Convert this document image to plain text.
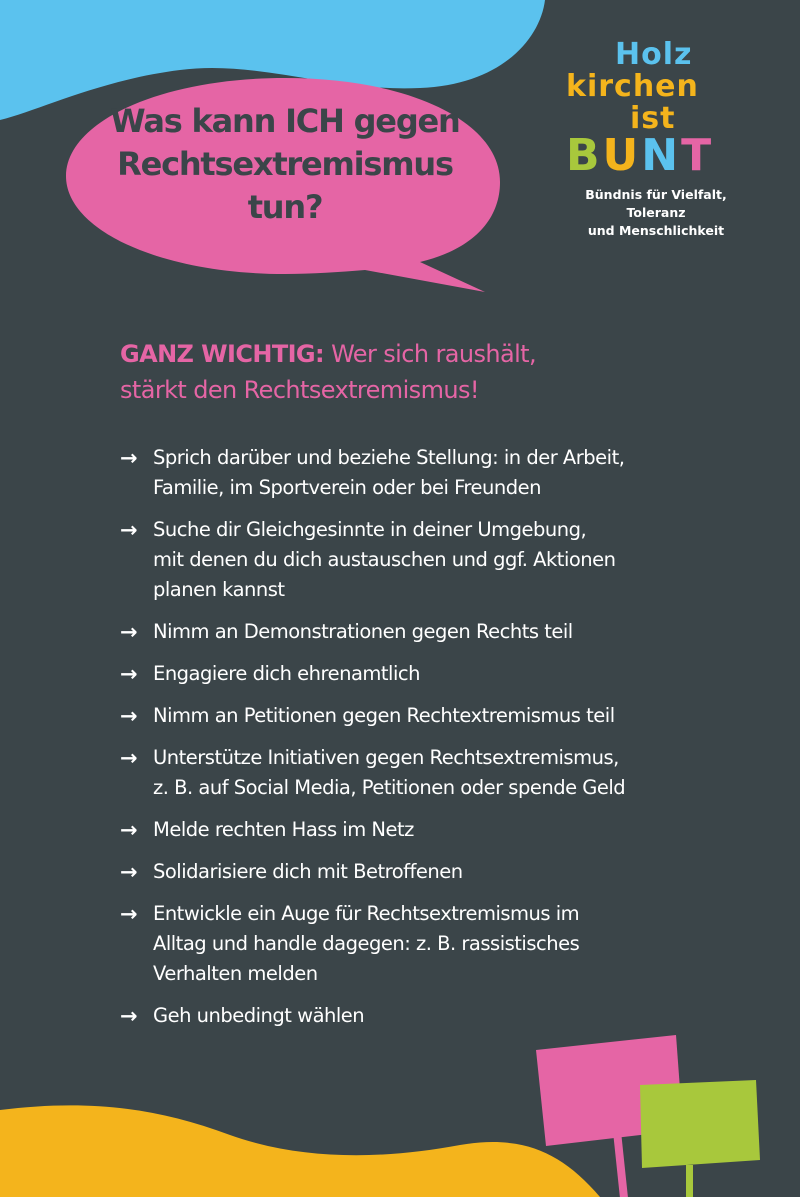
Was kann ICH gegen
Rechtsextremismus
tun?
Holz
kirchen
ist
BUNT
Bündnis für Vielfalt, Toleranz
und Menschlichkeit
GANZ WICHTIG: Wer sich raushält,
stärkt den Rechtsextremismus!
→ Sprich darüber und beziehe Stellung: in der Arbeit,
Familie, im Sportverein oder bei Freunden
→ Suche dir Gleichgesinnte in deiner Umgebung,
mit denen du dich austauschen und ggf. Aktionen
planen kannst
→ Nimm an Demonstrationen gegen Rechts teil
→ Engagiere dich ehrenamtlich
→ Nimm an Petitionen gegen Rechtextremismus teil
→ Unterstütze Initiativen gegen Rechtsextremismus,
z. B. auf Social Media, Petitionen oder spende Geld
→ Melde rechten Hass im Netz
→ Solidarisiere dich mit Betroffenen
→ Entwickle ein Auge für Rechtsextremismus im
Alltag und handle dagegen: z. B. rassistisches
Verhalten melden
→ Geh unbedingt wählen
